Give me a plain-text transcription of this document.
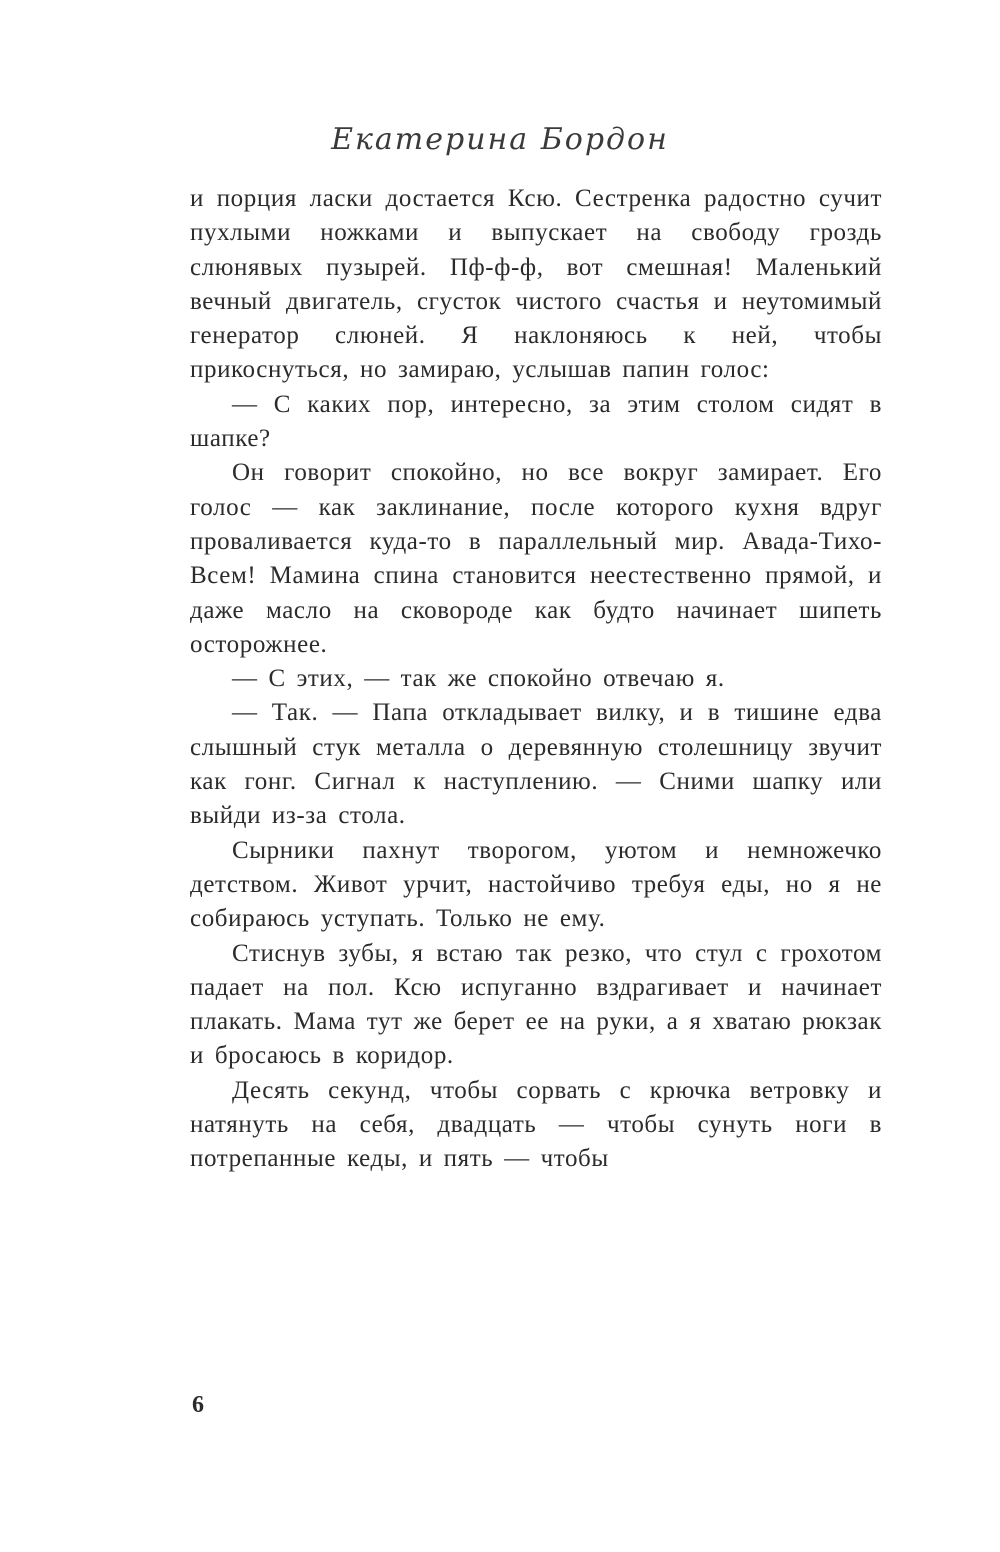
Екатерина Бордон

и порция ласки достается Ксю. Сестренка радостно сучит пухлыми ножками и выпускает на свободу гроздь слюнявых пузырей. Пф-ф-ф, вот смешная! Маленький вечный двигатель, сгусток чистого счастья и неутомимый генератор слюней. Я наклоняюсь к ней, чтобы прикоснуться, но замираю, услышав папин голос:

— С каких пор, интересно, за этим столом сидят в шапке?

Он говорит спокойно, но все вокруг замирает. Его голос — как заклинание, после которого кухня вдруг проваливается куда-то в параллельный мир. Авада-Тихо-Всем! Мамина спина становится неестественно прямой, и даже масло на сковороде как будто начинает шипеть осторожнее.

— С этих, — так же спокойно отвечаю я.

— Так. — Папа откладывает вилку, и в тишине едва слышный стук металла о деревянную столешницу звучит как гонг. Сигнал к наступлению. — Сними шапку или выйди из-за стола.

Сырники пахнут творогом, уютом и немножечко детством. Живот урчит, настойчиво требуя еды, но я не собираюсь уступать. Только не ему.

Стиснув зубы, я встаю так резко, что стул с грохотом падает на пол. Ксю испуганно вздрагивает и начинает плакать. Мама тут же берет ее на руки, а я хватаю рюкзак и бросаюсь в коридор.

Десять секунд, чтобы сорвать с крючка ветровку и натянуть на себя, двадцать — чтобы сунуть ноги в потрепанные кеды, и пять — чтобы

6
